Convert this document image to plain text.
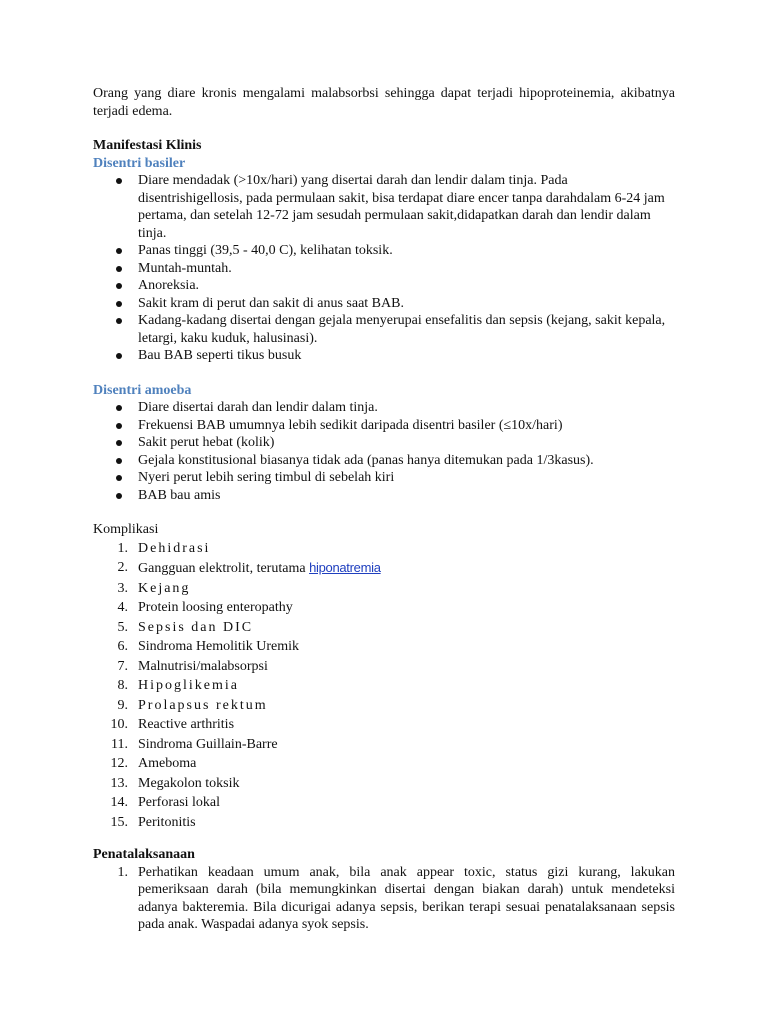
Orang yang diare kronis mengalami malabsorbsi sehingga dapat terjadi hipoproteinemia, akibatnya terjadi edema.

Manifestasi Klinis

Disentri basiler

Diare mendadak (>10x/hari) yang disertai darah dan lendir dalam tinja. Pada disentrishigellosis, pada permulaan sakit, bisa terdapat diare encer tanpa darahdalam 6-24 jam pertama, dan setelah 12-72 jam sesudah permulaan sakit,didapatkan darah dan lendir dalam tinja.
Panas tinggi (39,5 - 40,0 C), kelihatan toksik.
Muntah-muntah.
Anoreksia.
Sakit kram di perut dan sakit di anus saat BAB.
Kadang-kadang disertai dengan gejala menyerupai ensefalitis dan sepsis (kejang, sakit kepala, letargi, kaku kuduk, halusinasi).
Bau BAB seperti tikus busuk

Disentri amoeba

Diare disertai darah dan lendir dalam tinja.
Frekuensi BAB umumnya lebih sedikit daripada disentri basiler (≤10x/hari)
Sakit perut hebat (kolik)
Gejala konstitusional biasanya tidak ada (panas hanya ditemukan pada 1/3kasus).
Nyeri perut lebih sering timbul di sebelah kiri
BAB bau amis

Komplikasi

1. Dehidrasi
2. Gangguan elektrolit, terutama hiponatremia
3. Kejang
4. Protein loosing enteropathy
5. Sepsis dan DIC
6. Sindroma Hemolitik Uremik
7. Malnutrisi/malabsorpsi
8. Hipoglikemia
9. Prolapsus rektum
10. Reactive arthritis
11. Sindroma Guillain-Barre
12. Ameboma
13. Megakolon toksik
14. Perforasi lokal
15. Peritonitis

Penatalaksanaan

1. Perhatikan keadaan umum anak, bila anak appear toxic, status gizi kurang, lakukan pemeriksaan darah (bila memungkinkan disertai dengan biakan darah) untuk mendeteksi adanya bakteremia. Bila dicurigai adanya sepsis, berikan terapi sesuai penatalaksanaan sepsis pada anak. Waspadai adanya syok sepsis.
